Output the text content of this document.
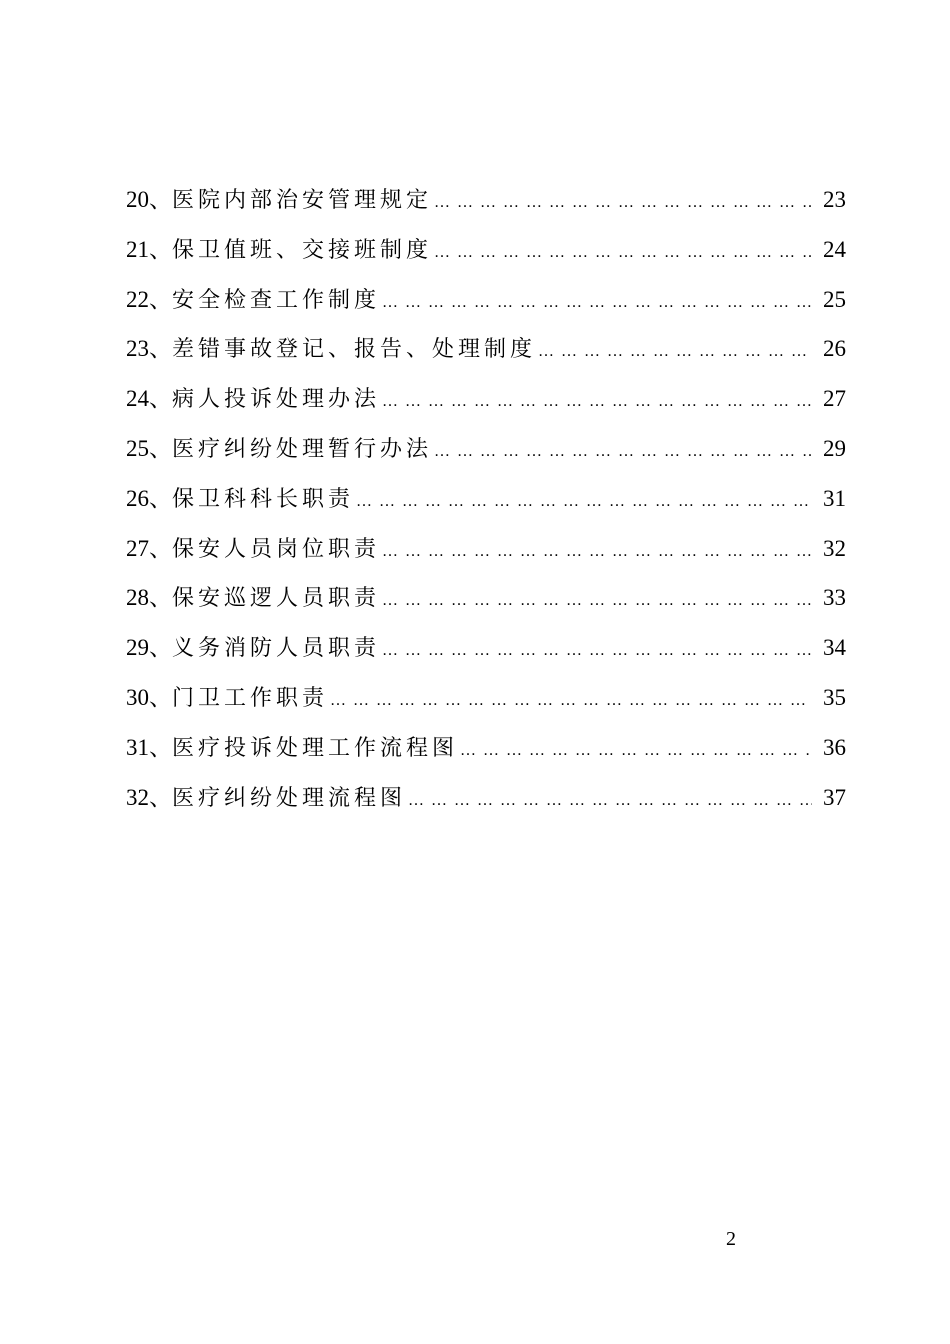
20、 医院内部治安管理规定 … … … … … … … … … … … … … … … … … … … … … … … … … … … … … … … … … … … … … … … … … … … …	23
21、 保卫值班、交接班制度 … … … … … … … … … … … … … … … … … … … … … … … … … … … … … … … … … … … … … … … … … … … …	24
22、 安全检查工作制度 … … … … … … … … … … … … … … … … … … … … … … … … … … … … … … … … … … … … … … … … … … … …	25
23、 差错事故登记、报告、处理制度 … … … … … … … … … … … … … … … … … … … … … … … … … … … … … … … … … … … … … … … … … … … …	26
24、 病人投诉处理办法 … … … … … … … … … … … … … … … … … … … … … … … … … … … … … … … … … … … … … … … … … … … …	27
25、 医疗纠纷处理暂行办法 … … … … … … … … … … … … … … … … … … … … … … … … … … … … … … … … … … … … … … … … … … … …	29
26、 保卫科科长职责 … … … … … … … … … … … … … … … … … … … … … … … … … … … … … … … … … … … … … … … … … … … …	31
27、 保安人员岗位职责 … … … … … … … … … … … … … … … … … … … … … … … … … … … … … … … … … … … … … … … … … … … …	32
28、 保安巡逻人员职责 … … … … … … … … … … … … … … … … … … … … … … … … … … … … … … … … … … … … … … … … … … … …	33
29、 义务消防人员职责 … … … … … … … … … … … … … … … … … … … … … … … … … … … … … … … … … … … … … … … … … … … …	34
30、 门卫工作职责 … … … … … … … … … … … … … … … … … … … … … … … … … … … … … … … … … … … … … … … … … … … …	35
31、 医疗投诉处理工作流程图 … … … … … … … … … … … … … … … … … … … … … … … … … … … … … … … … … … … … … … … … … … … …	36
32、 医疗纠纷处理流程图 … … … … … … … … … … … … … … … … … … … … … … … … … … … … … … … … … … … … … … … … … … … …	37
2
